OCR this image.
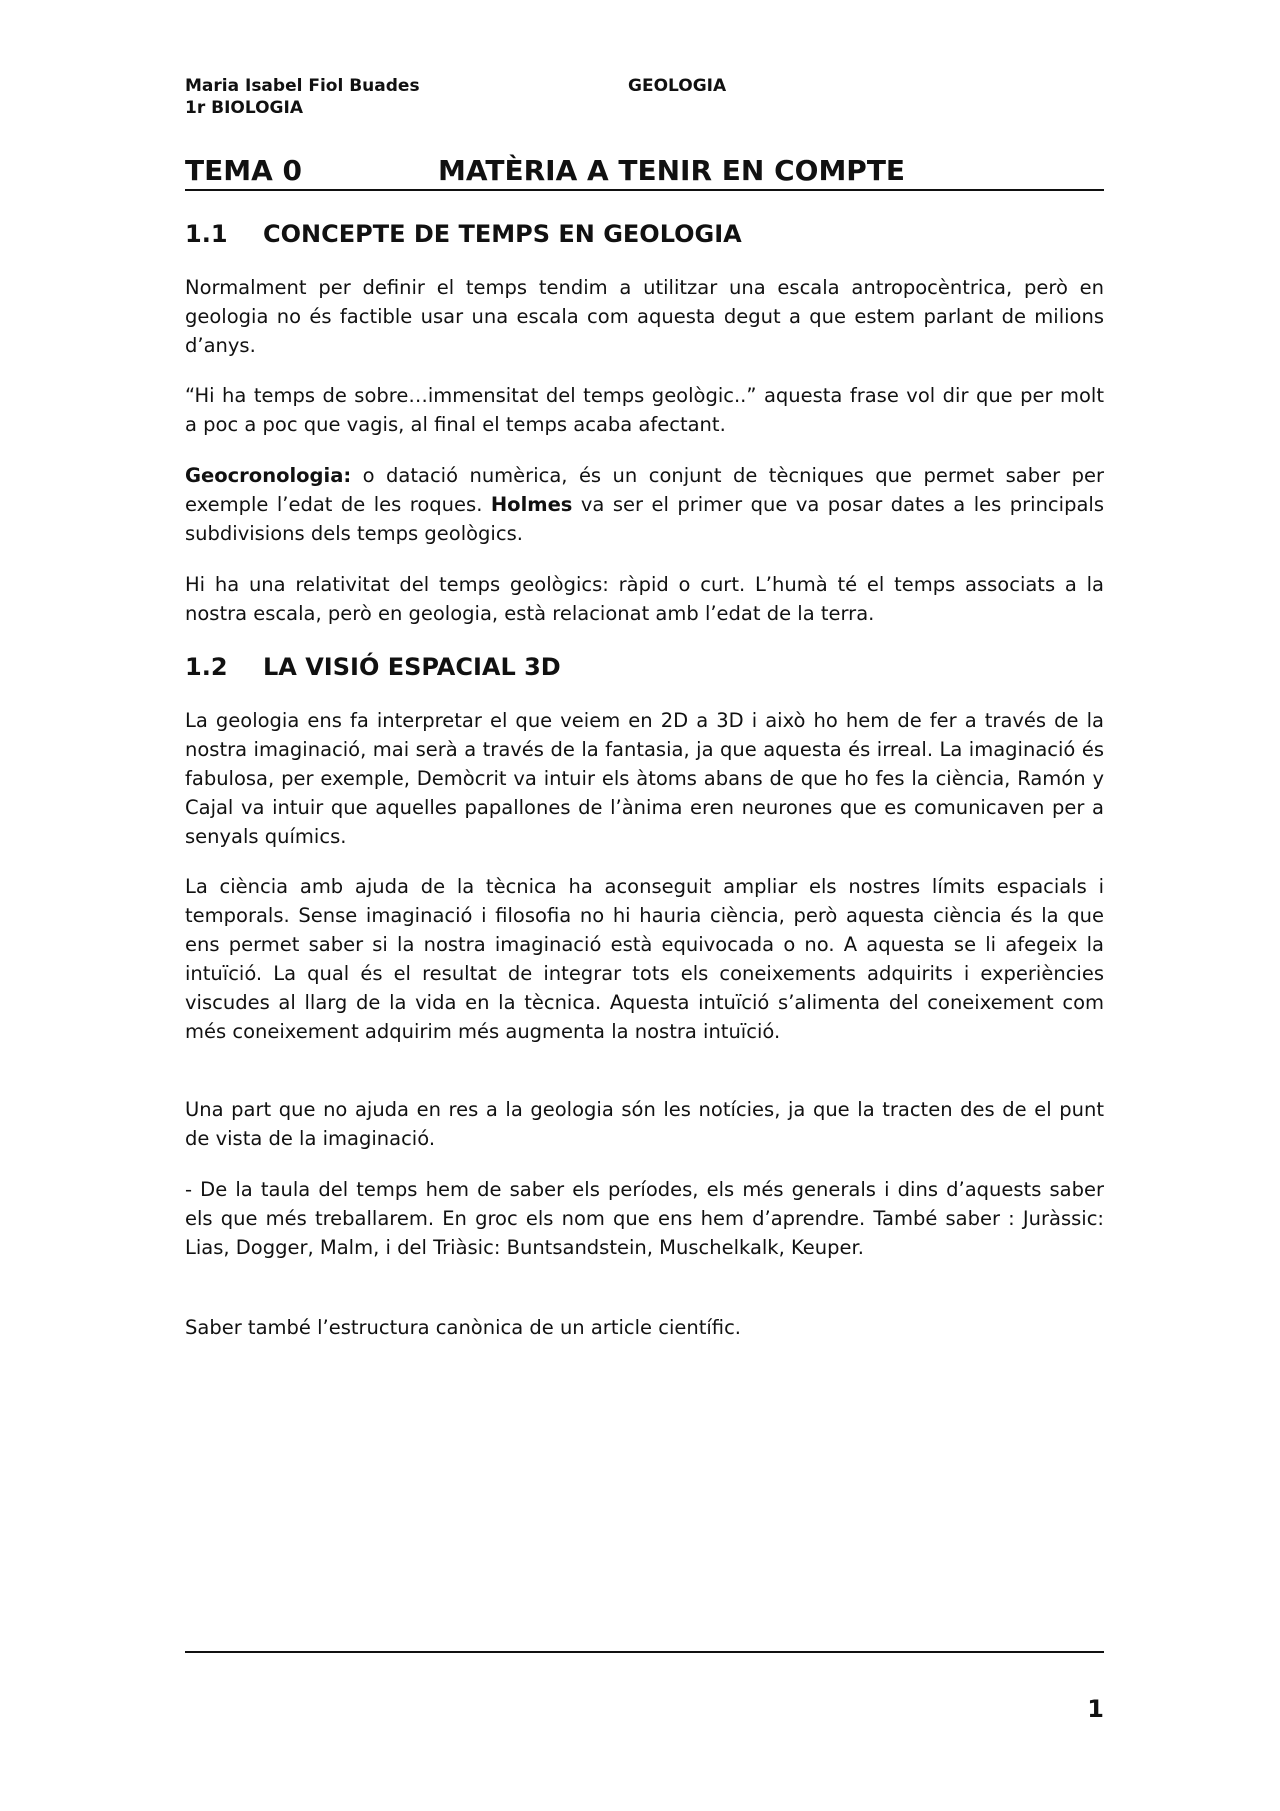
Maria Isabel Fiol Buades	GEOLOGIA
1r BIOLOGIA
TEMA 0	MATÈRIA A TENIR EN COMPTE
1.1 CONCEPTE DE TEMPS EN GEOLOGIA

Normalment per definir el temps tendim a utilitzar una escala antropocèntrica, però en geologia no és factible usar una escala com aquesta degut a que estem parlant de milions d’anys.

“Hi ha temps de sobre…immensitat del temps geològic..” aquesta frase vol dir que per molt a poc a poc que vagis, al final el temps acaba afectant.

Geocronologia: o datació numèrica, és un conjunt de tècniques que permet saber per exemple l’edat de les roques. Holmes va ser el primer que va posar dates a les principals subdivisions dels temps geològics.

Hi ha una relativitat del temps geològics: ràpid o curt. L’humà té el temps associats a la nostra escala, però en geologia, està relacionat amb l’edat de la terra.

1.2 LA VISIÓ ESPACIAL 3D

La geologia ens fa interpretar el que veiem en 2D a 3D i això ho hem de fer a través de la nostra imaginació, mai serà a través de la fantasia, ja que aquesta és irreal. La imaginació és fabulosa, per exemple, Demòcrit va intuir els àtoms abans de que ho fes la ciència, Ramón y Cajal va intuir que aquelles papallones de l’ànima eren neurones que es comunicaven per a senyals químics.

La ciència amb ajuda de la tècnica ha aconseguit ampliar els nostres límits espacials i temporals. Sense imaginació i filosofia no hi hauria ciència, però aquesta ciència és la que ens permet saber si la nostra imaginació està equivocada o no. A aquesta se li afegeix la intuïció. La qual és el resultat de integrar tots els coneixements adquirits i experiències viscudes al llarg de la vida en la tècnica. Aquesta intuïció s’alimenta del coneixement com més coneixement adquirim més augmenta la nostra intuïció.

Una part que no ajuda en res a la geologia són les notícies, ja que la tracten des de el punt de vista de la imaginació.

- De la taula del temps hem de saber els períodes, els més generals i dins d’aquests saber els que més treballarem. En groc els nom que ens hem d’aprendre. També saber : Juràssic: Lias, Dogger, Malm, i del Triàsic: Buntsandstein, Muschelkalk, Keuper.

Saber també l’estructura canònica de un article científic.

1
